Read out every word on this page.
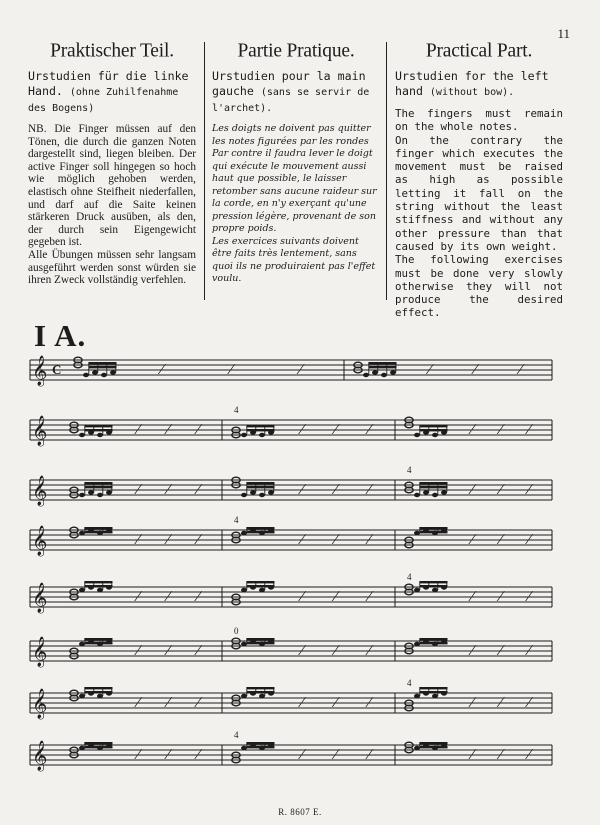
11
Praktischer Teil.
Urstudien für die linke Hand. (ohne Zuhilfenahme des Bogens)

NB. Die Finger müssen auf den Tönen, die durch die ganzen Noten dargestellt sind, liegen bleiben. Der active Finger soll hingegen so hoch wie möglich gehoben werden, elastisch ohne Steifheit niederfallen, und darf auf die Saite keinen stärkeren Druck ausüben, als den, der durch sein Eigengewicht gegeben ist.

Alle Übungen müssen sehr langsam ausgeführt werden sonst würden sie ihren Zweck vollständig verfehlen.

Partie Pratique.
Urstudien pour la main gauche (sans se servir de l'archet).

Les doigts ne doivent pas quitter les notes figurées par les rondes

Par contre il faudra lever le doigt qui exécute le mouvement aussi haut que possible, le laisser retomber sans aucune raideur sur la corde, en n'y exerçant qu'une pression légère, provenant de son propre poids.

Les exercices suivants doivent être faits très lentement, sans quoi ils ne produiraient pas l'effet voulu.

Practical Part.
Urstudien for the left hand (without bow).

The fingers must remain on the whole notes.

On the contrary the finger which executes the movement must be raised as high as possible letting it fall on the string without the least stiffness and without any other pressure than that caused by its own weight.

The following exercises must be done very slowly otherwise they will not produce the desired effect.

I A.
𝄞 C	∕	∕	∕	∕	∕	∕
𝄞	∕ ∕ ∕
4
∕ ∕ ∕	∕ ∕ ∕
𝄞	∕ ∕ ∕	∕ ∕ ∕
4
∕ ∕ ∕
𝄞	∕ ∕ ∕
4
∕ ∕ ∕	∕ ∕ ∕
𝄞	∕ ∕ ∕	∕ ∕ ∕
4
∕ ∕ ∕
𝄞	∕ ∕ ∕
0
∕ ∕ ∕	∕ ∕ ∕
𝄞	∕ ∕ ∕	∕ ∕ ∕
4
∕ ∕ ∕
𝄞	∕ ∕ ∕
4
∕ ∕ ∕	∕ ∕ ∕
R. 8607 E.
